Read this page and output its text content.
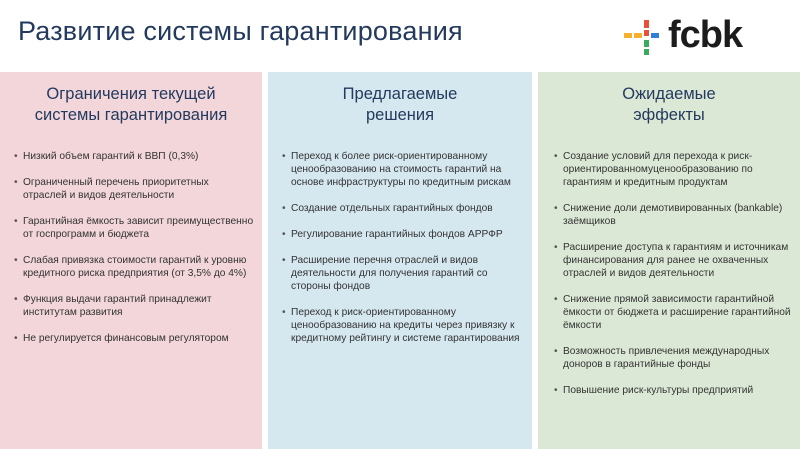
Развитие системы гарантирования	fcbk
Ограничения текущей
системы гарантирования
• Низкий объем гарантий к ВВП (0,3%)
• Ограниченный перечень приоритетных отраслей и видов деятельности
• Гарантийная ёмкость зависит преимущественно от госпрограмм и бюджета
• Слабая привязка стоимости гарантий к уровню кредитного риска предприятия (от 3,5% до 4%)
• Функция выдачи гарантий принадлежит институтам развития
• Не регулируется финансовым регулятором
Предлагаемые
решения
• Переход к более риск-ориентированному ценообразованию на стоимость гарантий на основе инфраструктуры по кредитным рискам
• Создание отдельных гарантийных фондов
• Регулирование гарантийных фондов АРРФР
• Расширение перечня отраслей и видов деятельности для получения гарантий со стороны фондов
• Переход к риск-ориентированному ценообразованию на кредиты через привязку к кредитному рейтингу и системе гарантирования
Ожидаемые
эффекты
• Создание условий для перехода к риск-ориентированномуценообразованию по гарантиям и кредитным продуктам
• Снижение доли демотивированных (bankable) заёмщиков
• Расширение доступа к гарантиям и источникам финансирования для ранее не охваченных отраслей и видов деятельности
• Снижение прямой зависимости гарантийной ёмкости от бюджета и расширение гарантийной ёмкости
• Возможность привлечения международных доноров в гарантийные фонды
• Повышение риск-культуры предприятий
